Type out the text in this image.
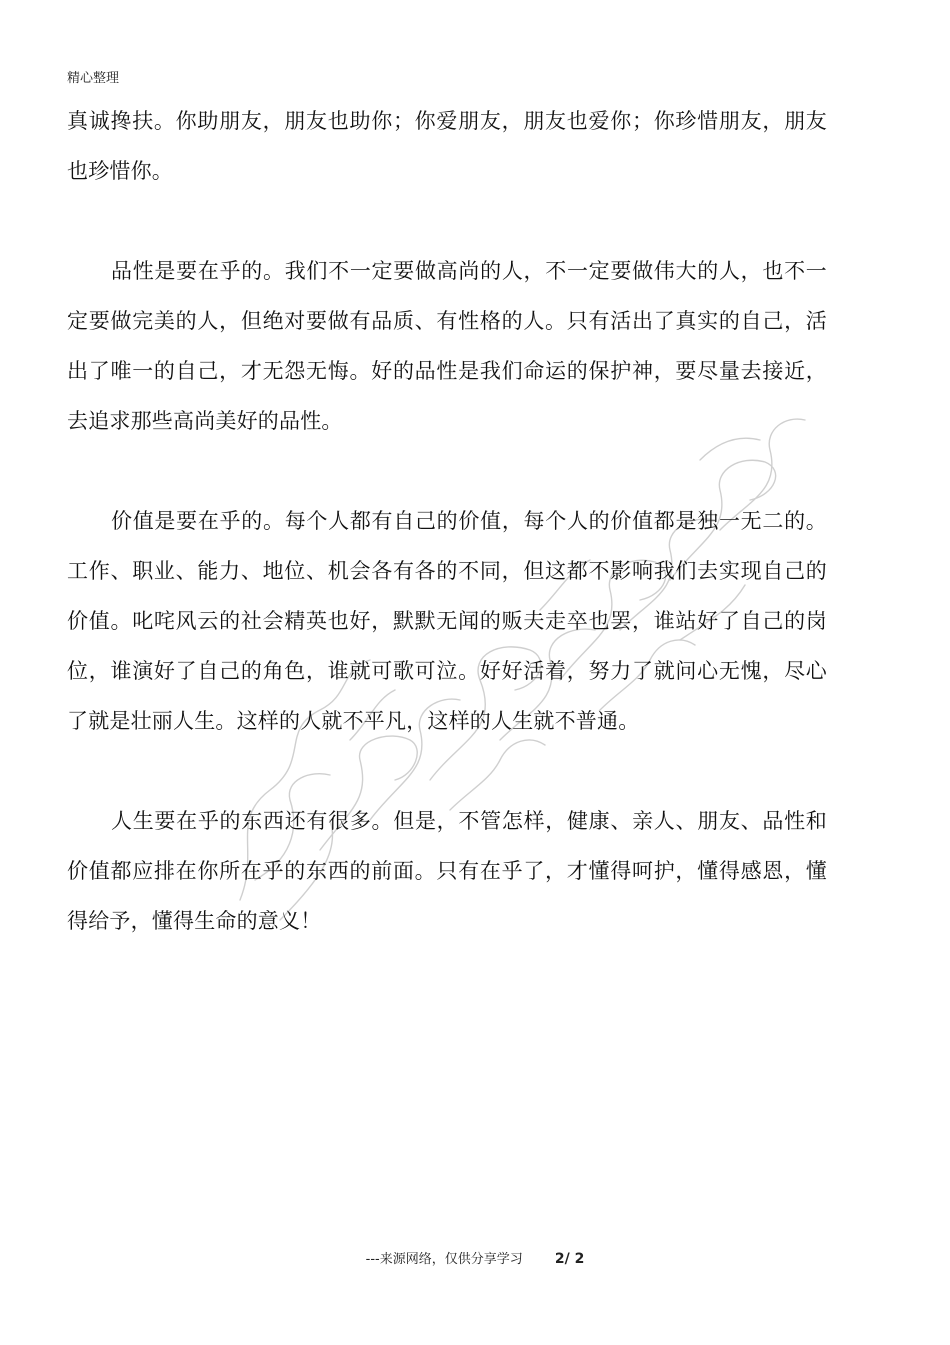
精心整理

真诚搀扶。你助朋友，朋友也助你；你爱朋友，朋友也爱你；你珍惜朋友，朋友也珍惜你。

品性是要在乎的。我们不一定要做高尚的人，不一定要做伟大的人，也不一定要做完美的人，但绝对要做有品质、有性格的人。只有活出了真实的自己，活出了唯一的自己，才无怨无悔。好的品性是我们命运的保护神，要尽量去接近，去追求那些高尚美好的品性。

价值是要在乎的。每个人都有自己的价值，每个人的价值都是独一无二的。工作、职业、能力、地位、机会各有各的不同，但这都不影响我们去实现自己的价值。叱咤风云的社会精英也好，默默无闻的贩夫走卒也罢，谁站好了自己的岗位，谁演好了自己的角色，谁就可歌可泣。好好活着，努力了就问心无愧，尽心了就是壮丽人生。这样的人就不平凡，这样的人生就不普通。

人生要在乎的东西还有很多。但是，不管怎样，健康、亲人、朋友、品性和价值都应排在你所在乎的东西的前面。只有在乎了，才懂得呵护，懂得感恩，懂得给予，懂得生命的意义！

---来源网络，仅供分享学习 2/ 2
